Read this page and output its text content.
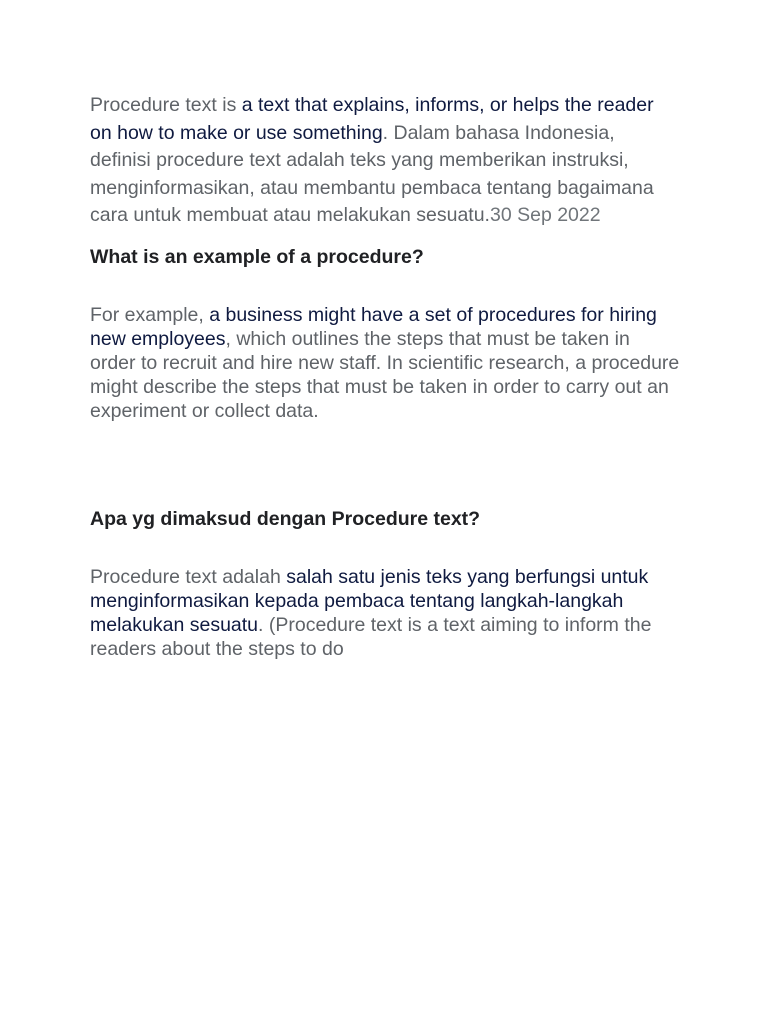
Procedure text is a text that explains, informs, or helps the reader on how to make or use something. Dalam bahasa Indonesia, definisi procedure text adalah teks yang memberikan instruksi, menginformasikan, atau membantu pembaca tentang bagaimana cara untuk membuat atau melakukan sesuatu.30 Sep 2022

What is an example of a procedure?

For example, a business might have a set of procedures for hiring new employees, which outlines the steps that must be taken in order to recruit and hire new staff. In scientific research, a procedure might describe the steps that must be taken in order to carry out an experiment or collect data.

Apa yg dimaksud dengan Procedure text?

Procedure text adalah salah satu jenis teks yang berfungsi untuk menginformasikan kepada pembaca tentang langkah-langkah melakukan sesuatu. (Procedure text is a text aiming to inform the readers about the steps to do
